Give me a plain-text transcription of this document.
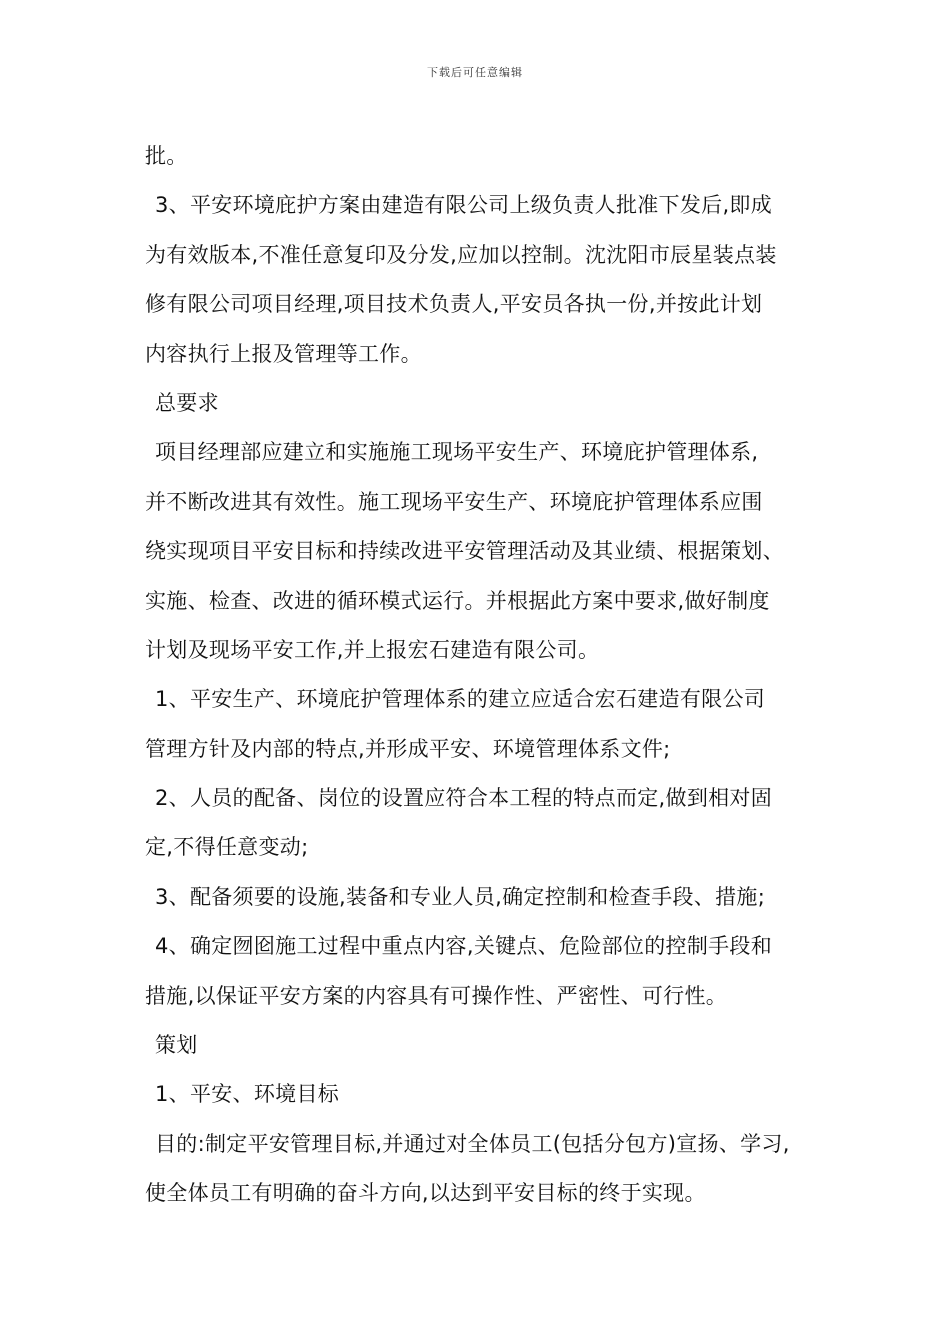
下载后可任意编辑
批。
3、平安环境庇护方案由建造有限公司上级负责人批准下发后,即成
为有效版本,不准任意复印及分发,应加以控制。沈沈阳市辰星装点装
修有限公司项目经理,项目技术负责人,平安员各执一份,并按此计划
内容执行上报及管理等工作。
总要求
项目经理部应建立和实施施工现场平安生产、环境庇护管理体系,
并不断改进其有效性。施工现场平安生产、环境庇护管理体系应围
绕实现项目平安目标和持续改进平安管理活动及其业绩、根据策划、
实施、检查、改进的循环模式运行。并根据此方案中要求,做好制度
计划及现场平安工作,并上报宏石建造有限公司。
1、平安生产、环境庇护管理体系的建立应适合宏石建造有限公司
管理方针及内部的特点,并形成平安、环境管理体系文件;
2、人员的配备、岗位的设置应符合本工程的特点而定,做到相对固
定,不得任意变动;
3、配备须要的设施,装备和专业人员,确定控制和检查手段、措施;
4、确定囫囵施工过程中重点内容,关键点、危险部位的控制手段和
措施,以保证平安方案的内容具有可操作性、严密性、可行性。
策划
1、平安、环境目标
目的:制定平安管理目标,并通过对全体员工(包括分包方)宣扬、学习,
使全体员工有明确的奋斗方向,以达到平安目标的终于实现。
